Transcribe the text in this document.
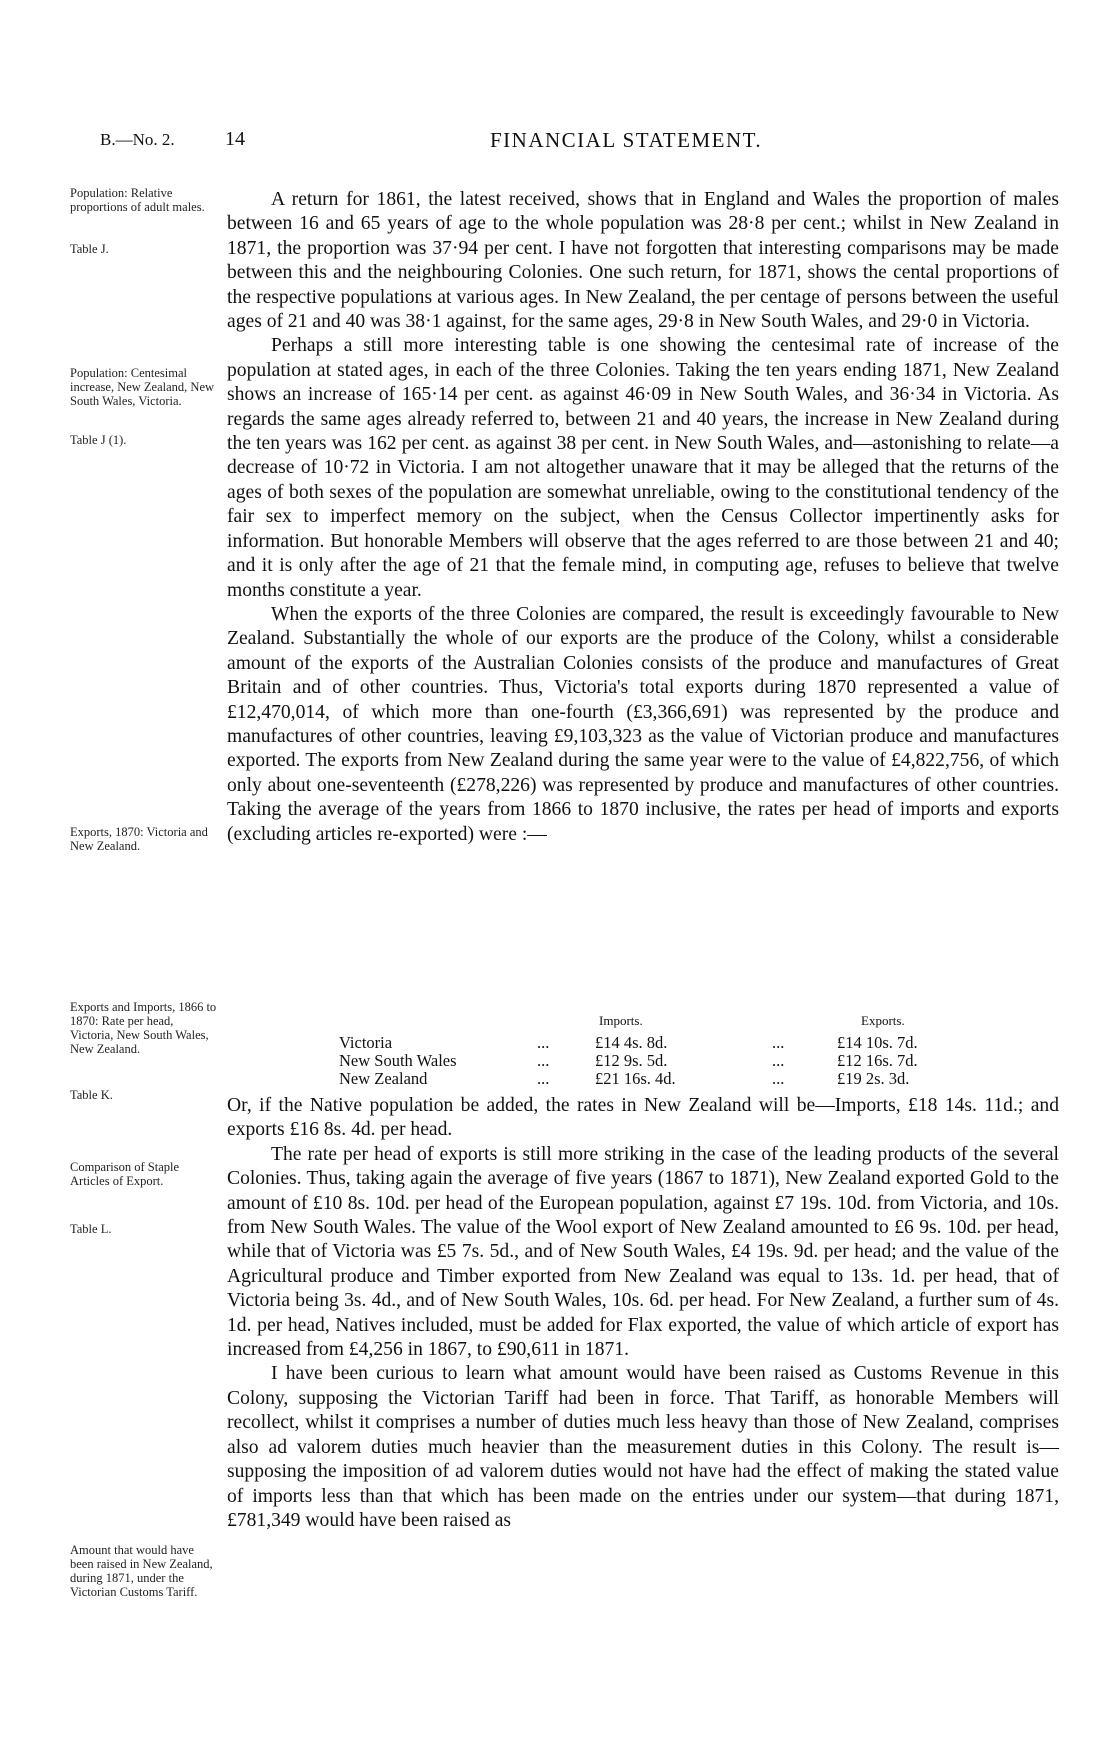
B.—No. 2.	14	FINANCIAL STATEMENT.
Population: Relative proportions of adult males.
Table J.
Population: Centesimal increase, New Zealand, New South Wales, Victoria.
Table J (1).
Exports, 1870: Victoria and New Zealand.
Exports and Imports, 1866 to 1870: Rate per head, Victoria, New South Wales, New Zealand.
Table K.
Comparison of Staple Articles of Export.
Table L.
Amount that would have been raised in New Zealand, during 1871, under the Victorian Customs Tariff.

A return for 1861, the latest received, shows that in England and Wales the proportion of males between 16 and 65 years of age to the whole population was 28·8 per cent.; whilst in New Zealand in 1871, the proportion was 37·94 per cent. I have not forgotten that interesting comparisons may be made between this and the neighbouring Colonies. One such return, for 1871, shows the cental proportions of the respective populations at various ages. In New Zealand, the per centage of persons between the useful ages of 21 and 40 was 38·1 against, for the same ages, 29·8 in New South Wales, and 29·0 in Victoria.

Perhaps a still more interesting table is one showing the centesimal rate of increase of the population at stated ages, in each of the three Colonies. Taking the ten years ending 1871, New Zealand shows an increase of 165·14 per cent. as against 46·09 in New South Wales, and 36·34 in Victoria. As regards the same ages already referred to, between 21 and 40 years, the increase in New Zealand during the ten years was 162 per cent. as against 38 per cent. in New South Wales, and—astonishing to relate—a decrease of 10·72 in Victoria. I am not altogether unaware that it may be alleged that the returns of the ages of both sexes of the population are somewhat unreliable, owing to the constitutional tendency of the fair sex to imperfect memory on the subject, when the Census Collector impertinently asks for information. But honorable Members will observe that the ages referred to are those between 21 and 40; and it is only after the age of 21 that the female mind, in computing age, refuses to believe that twelve months constitute a year.

When the exports of the three Colonies are compared, the result is exceedingly favourable to New Zealand. Substantially the whole of our exports are the produce of the Colony, whilst a considerable amount of the exports of the Australian Colonies consists of the produce and manufactures of Great Britain and of other countries. Thus, Victoria's total exports during 1870 represented a value of £12,470,014, of which more than one-fourth (£3,366,691) was represented by the produce and manufactures of other countries, leaving £9,103,323 as the value of Victorian produce and manufactures exported. The exports from New Zealand during the same year were to the value of £4,822,756, of which only about one-seventeenth (£278,226) was represented by produce and manufactures of other countries. Taking the average of the years from 1866 to 1870 inclusive, the rates per head of imports and exports (excluding articles re-exported) were :—

Imports.	Exports.
Victoria	...	£14 4s. 8d.	...	£14 10s. 7d.
New South Wales	...	£12 9s. 5d.	...	£12 16s. 7d.
New Zealand	...	£21 16s. 4d.	...	£19 2s. 3d.

Or, if the Native population be added, the rates in New Zealand will be—Imports, £18 14s. 11d.; and exports £16 8s. 4d. per head.

The rate per head of exports is still more striking in the case of the leading products of the several Colonies. Thus, taking again the average of five years (1867 to 1871), New Zealand exported Gold to the amount of £10 8s. 10d. per head of the European population, against £7 19s. 10d. from Victoria, and 10s. from New South Wales. The value of the Wool export of New Zealand amounted to £6 9s. 10d. per head, while that of Victoria was £5 7s. 5d., and of New South Wales, £4 19s. 9d. per head; and the value of the Agricultural produce and Timber exported from New Zealand was equal to 13s. 1d. per head, that of Victoria being 3s. 4d., and of New South Wales, 10s. 6d. per head. For New Zealand, a further sum of 4s. 1d. per head, Natives included, must be added for Flax exported, the value of which article of export has increased from £4,256 in 1867, to £90,611 in 1871.

I have been curious to learn what amount would have been raised as Customs Revenue in this Colony, supposing the Victorian Tariff had been in force. That Tariff, as honorable Members will recollect, whilst it comprises a number of duties much less heavy than those of New Zealand, comprises also ad valorem duties much heavier than the measurement duties in this Colony. The result is—supposing the imposition of ad valorem duties would not have had the effect of making the stated value of imports less than that which has been made on the entries under our system—that during 1871, £781,349 would have been raised as
